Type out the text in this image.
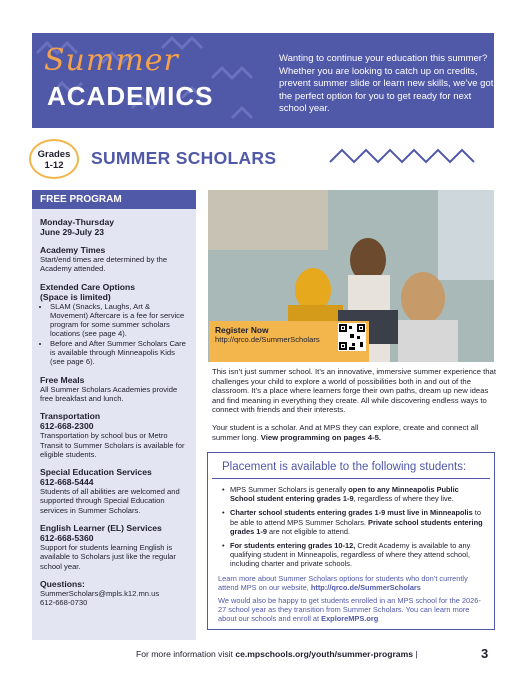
Summer
ACADEMICS
Wanting to continue your education this summer? Whether you are looking to catch up on credits, prevent summer slide or learn new skills, we’ve got the perfect option for you to get ready for next school year.
Grades
1-12	SUMMER SCHOLARS
FREE PROGRAM
Monday-Thursday
June 29-July 23
Academy Times
Start/end times are determined by the Academy attended.
Extended Care Options
(Space is limited)
• SLAM (Snacks, Laughs, Art & Movement) Aftercare is a fee for service program for some summer scholars locations (see page 4).
• Before and After Summer Scholars Care is available through Minneapolis Kids (see page 6).
Free Meals
All Summer Scholars Academies provide free breakfast and lunch.
Transportation
612-668-2300
Transportation by school bus or Metro Transit to Summer Scholars is available for eligible students.
Special Education Services
612-668-5444
Students of all abilities are welcomed and supported through Special Education services in Summer Scholars.
English Learner (EL) Services
612-668-5360
Support for students learning English is available to Scholars just like the regular school year.
Questions:
SummerScholars@mpls.k12.mn.us
612-668-0730
Register Now
http://qrco.de/SummerScholars

This isn’t just summer school. It’s an innovative, immersive summer experience that challenges your child to explore a world of possibilities both in and out of the classroom. It’s a place where learners forge their own paths, dream up new ideas and find meaning in everything they create. All while discovering endless ways to connect with friends and their interests.

Your student is a scholar. And at MPS they can explore, create and connect all summer long. View programming on pages 4-5.

Placement is available to the following students:
• MPS Summer Scholars is generally open to any Minneapolis Public School student entering grades 1-9, regardless of where they live.
• Charter school students entering grades 1-9 must live in Minneapolis to be able to attend MPS Summer Scholars. Private school students entering grades 1-9 are not eligible to attend.
• For students entering grades 10-12, Credit Academy is available to any qualifying student in Minneapolis, regardless of where they attend school, including charter and private schools.

Learn more about Summer Scholars options for students who don’t currently attend MPS on our website, http://qrco.de/SummerScholars

We would also be happy to get students enrolled in an MPS school for the 2026-27 school year as they transition from Summer Scholars. You can learn more about our schools and enroll at ExploreMPS.org

For more information visit ce.mpschools.org/youth/summer-programs |	3
